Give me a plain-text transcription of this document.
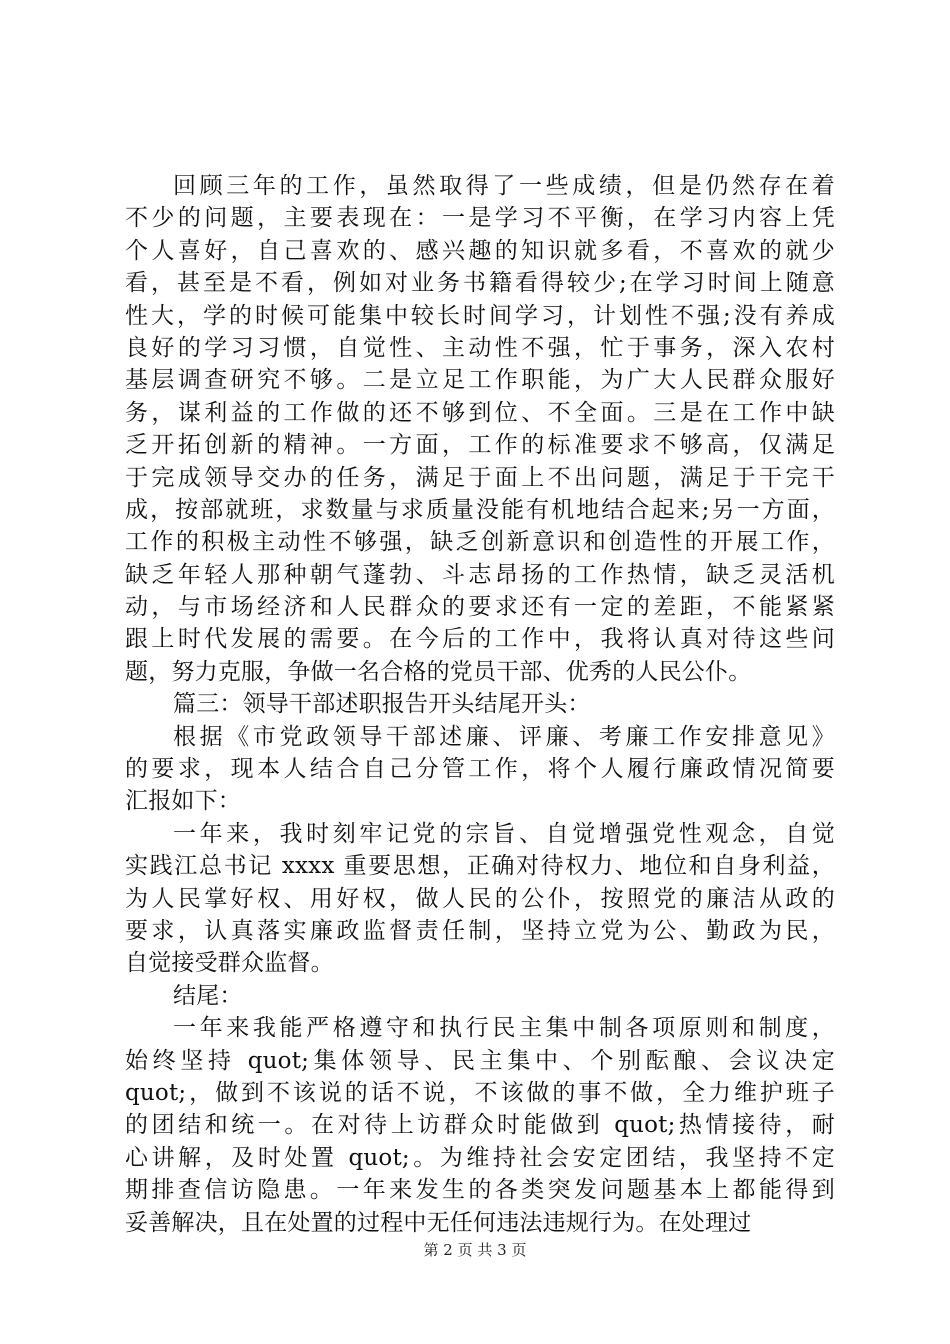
回顾三年的工作，虽然取得了一些成绩，但是仍然存在着
不少的问题，主要表现在：一是学习不平衡，在学习内容上凭
个人喜好，自己喜欢的、感兴趣的知识就多看，不喜欢的就少
看，甚至是不看，例如对业务书籍看得较少;在学习时间上随意
性大，学的时候可能集中较长时间学习，计划性不强;没有养成
良好的学习习惯，自觉性、主动性不强，忙于事务，深入农村
基层调查研究不够。二是立足工作职能，为广大人民群众服好
务，谋利益的工作做的还不够到位、不全面。三是在工作中缺
乏开拓创新的精神。一方面，工作的标准要求不够高，仅满足
于完成领导交办的任务，满足于面上不出问题，满足于干完干
成，按部就班，求数量与求质量没能有机地结合起来;另一方面，
工作的积极主动性不够强，缺乏创新意识和创造性的开展工作，
缺乏年轻人那种朝气蓬勃、斗志昂扬的工作热情，缺乏灵活机
动，与市场经济和人民群众的要求还有一定的差距，不能紧紧
跟上时代发展的需要。在今后的工作中，我将认真对待这些问
题，努力克服，争做一名合格的党员干部、优秀的人民公仆。
篇三：领导干部述职报告开头结尾开头：
根据《市党政领导干部述廉、评廉、考廉工作安排意见》
的要求，现本人结合自己分管工作，将个人履行廉政情况简要
汇报如下：
一年来，我时刻牢记党的宗旨、自觉增强党性观念，自觉
实践江总书记 xxxx 重要思想，正确对待权力、地位和自身利益，
为人民掌好权、用好权，做人民的公仆，按照党的廉洁从政的
要求，认真落实廉政监督责任制，坚持立党为公、勤政为民，
自觉接受群众监督。
结尾：
一年来我能严格遵守和执行民主集中制各项原则和制度，
始终坚持 quot;集体领导、民主集中、个别酝酿、会议决定
quot;，做到不该说的话不说，不该做的事不做，全力维护班子
的团结和统一。在对待上访群众时能做到 quot;热情接待，耐
心讲解，及时处置 quot;。为维持社会安定团结，我坚持不定
期排查信访隐患。一年来发生的各类突发问题基本上都能得到
妥善解决，且在处置的过程中无任何违法违规行为。在处理过
第 2 页 共 3 页
